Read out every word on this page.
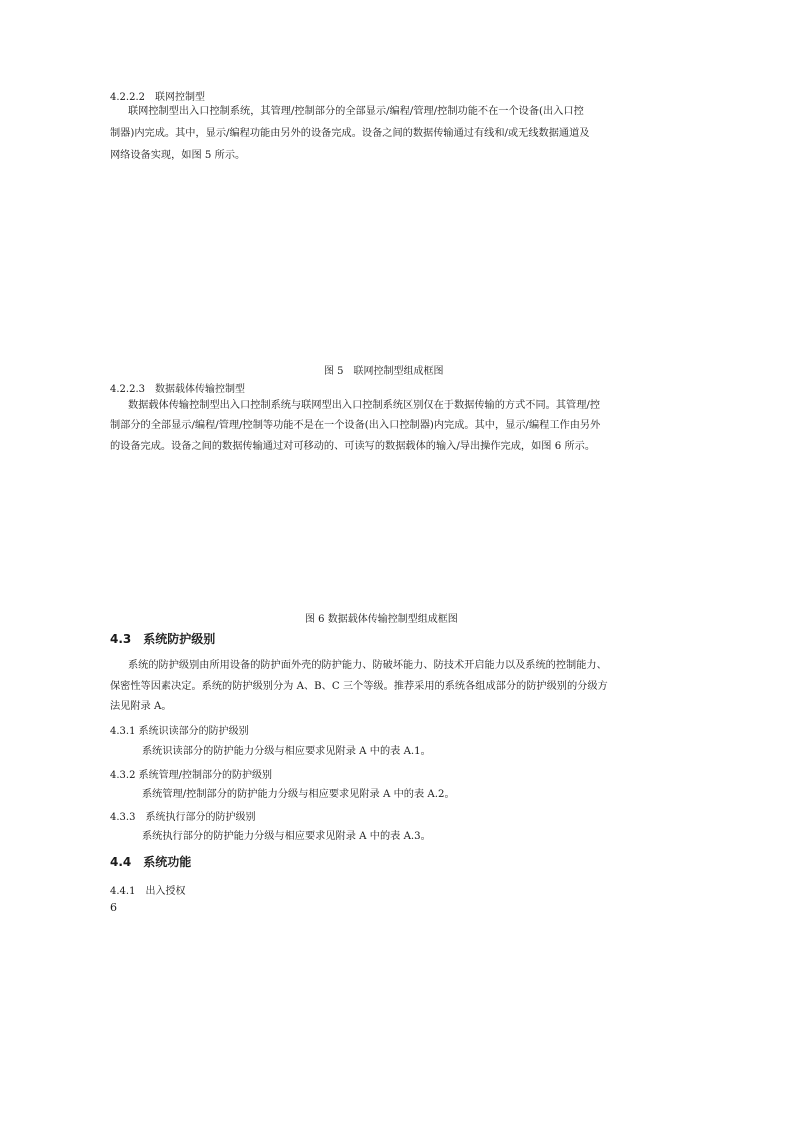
4.2.2.2　联网控制型
联网控制型出入口控制系统，其管理/控制部分的全部显示/编程/管理/控制功能不在一个设备(出入口控
制器)内完成。其中，显示/编程功能由另外的设备完成。设备之间的数据传输通过有线和/或无线数据通道及
网络设备实现，如图 5 所示。
图 5　联网控制型组成框图
4.2.2.3　数据载体传输控制型
数据载体传输控制型出入口控制系统与联网型出入口控制系统区别仅在于数据传输的方式不同。其管理/控
制部分的全部显示/编程/管理/控制等功能不是在一个设备(出入口控制器)内完成。其中，显示/编程工作由另外
的设备完成。设备之间的数据传输通过对可移动的、可读写的数据载体的输入/导出操作完成，如图 6 所示。
图 6 数据载体传输控制型组成框图
4.3　系统防护级别
系统的防护级别由所用设备的防护面外壳的防护能力、防破坏能力、防技术开启能力以及系统的控制能力、
保密性等因素决定。系统的防护级别分为 A、B、C 三个等级。推荐采用的系统各组成部分的防护级别的分级方
法见附录 A。
4.3.1 系统识读部分的防护级别
系统识读部分的防护能力分级与相应要求见附录 A 中的表 A.1。
4.3.2 系统管理/控制部分的防护级别
系统管理/控制部分的防护能力分级与相应要求见附录 A 中的表 A.2。
4.3.3　系统执行部分的防护级别
系统执行部分的防护能力分级与相应要求见附录 A 中的表 A.3。
4.4　系统功能
4.4.1　出入授权
6
